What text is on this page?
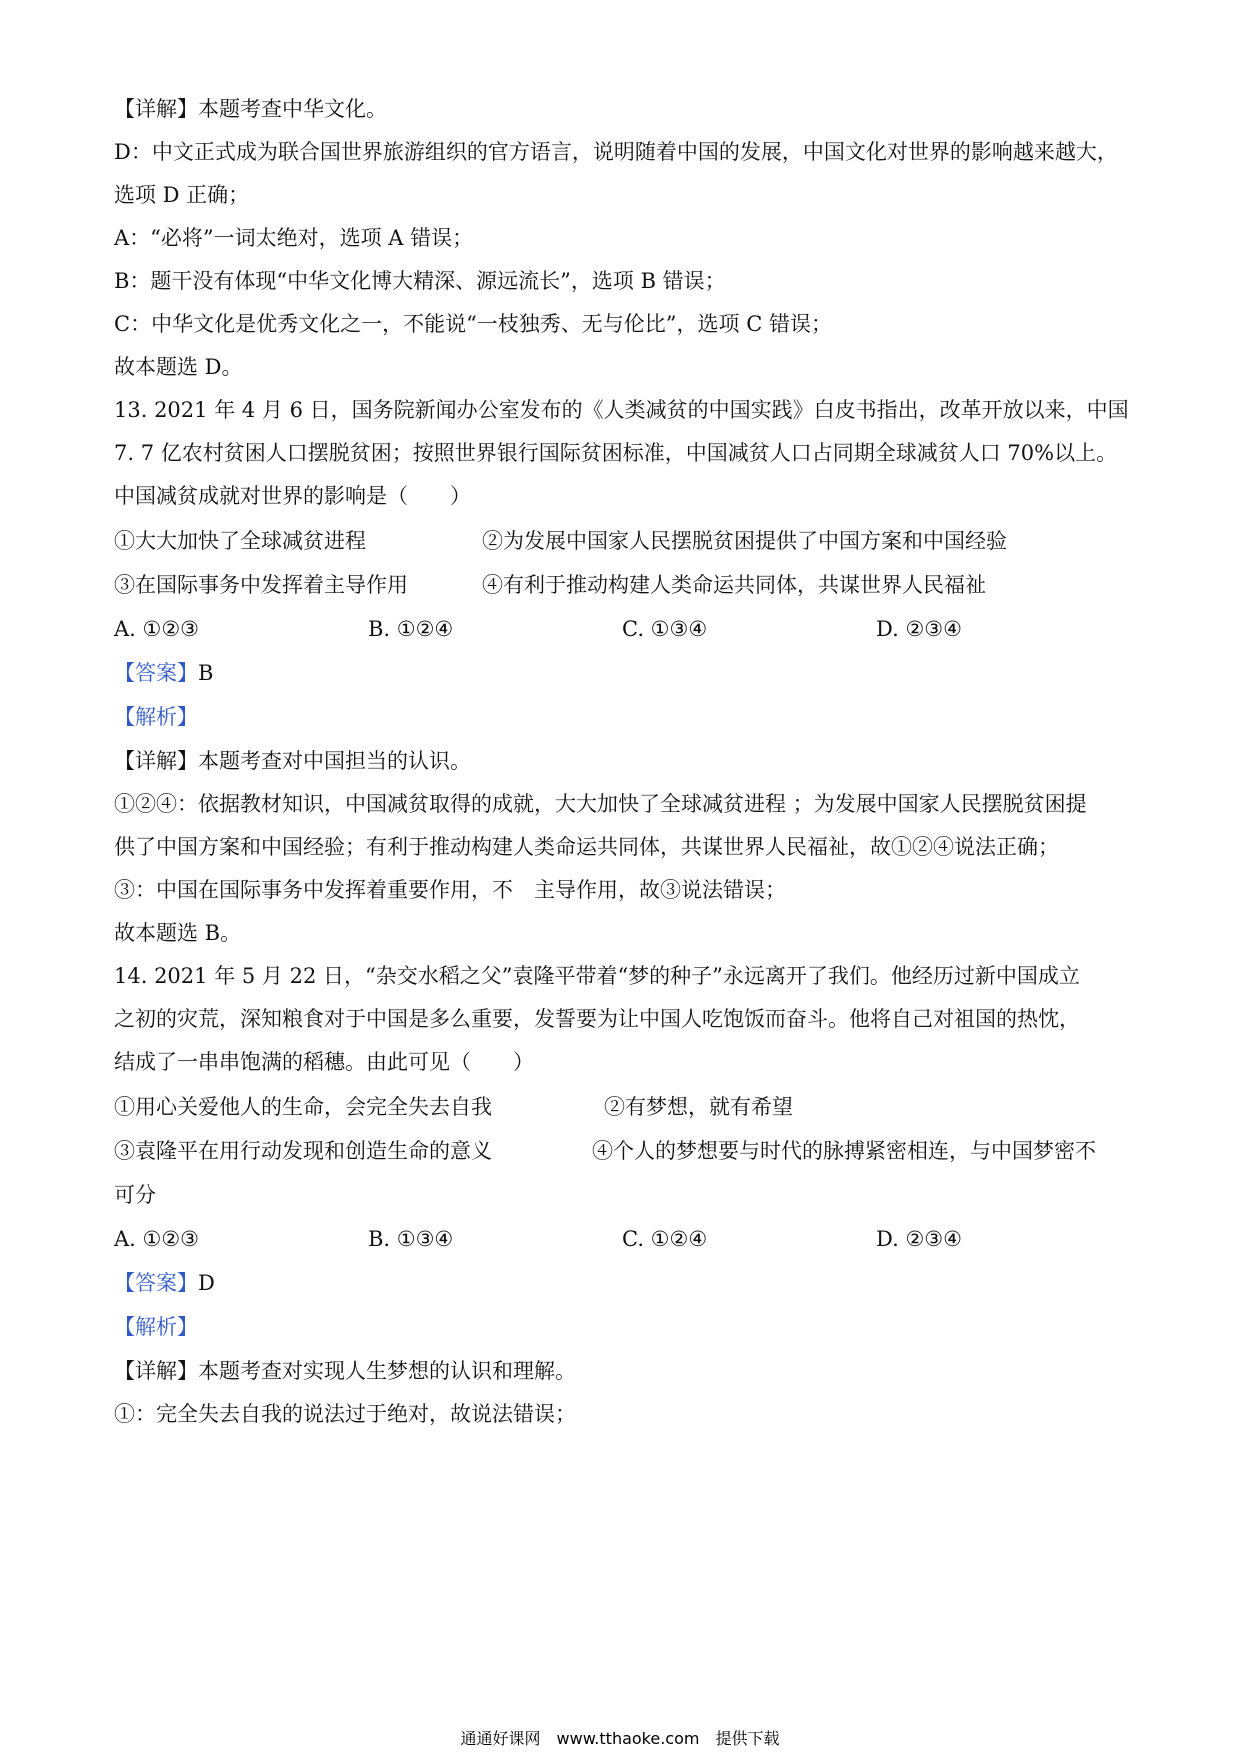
【详解】本题考查中华文化。
D：中文正式成为联合国世界旅游组织的官方语言，说明随着中国的发展，中国文化对世界的影响越来越大，
选项 D 正确；
A：“必将”一词太绝对，选项 A 错误；
B：题干没有体现“中华文化博大精深、源远流长”，选项 B 错误；
C：中华文化是优秀文化之一，不能说“一枝独秀、无与伦比”，选项 C 错误；
故本题选 D。
13. 2021 年 4 月 6 日，国务院新闻办公室发布的《人类减贫的中国实践》白皮书指出，改革开放以来，中国
7. 7 亿农村贫困人口摆脱贫困；按照世界银行国际贫困标准，中国减贫人口占同期全球减贫人口 70%以上。
中国减贫成就对世界的影响是（　　）
①大大加快了全球减贫进程	②为发展中国家人民摆脱贫困提供了中国方案和中国经验
③在国际事务中发挥着主导作用	④有利于推动构建人类命运共同体，共谋世界人民福祉
A. ①②③	B. ①②④	C. ①③④	D. ②③④
【答案】B
【解析】
【详解】本题考查对中国担当的认识。
①②④：依据教材知识，中国减贫取得的成就，大大加快了全球减贫进程 ；为发展中国家人民摆脱贫困提
供了中国方案和中国经验；有利于推动构建人类命运共同体，共谋世界人民福祉，故①②④说法正确；
③：中国在国际事务中发挥着重要作用，不　主导作用，故③说法错误；
故本题选 B。
14. 2021 年 5 月 22 日，“杂交水稻之父”袁隆平带着“梦的种子”永远离开了我们。他经历过新中国成立
之初的灾荒，深知粮食对于中国是多么重要，发誓要为让中国人吃饱饭而奋斗。他将自己对祖国的热忱，
结成了一串串饱满的稻穗。由此可见（　　）
①用心关爱他人的生命，会完全失去自我	②有梦想，就有希望
③袁隆平在用行动发现和创造生命的意义	④个人的梦想要与时代的脉搏紧密相连，与中国梦密不
可分
A. ①②③	B. ①③④	C. ①②④	D. ②③④
【答案】D
【解析】
【详解】本题考查对实现人生梦想的认识和理解。
①：完全失去自我的说法过于绝对，故说法错误；
通通好课网　www.tthaoke.com　提供下载
